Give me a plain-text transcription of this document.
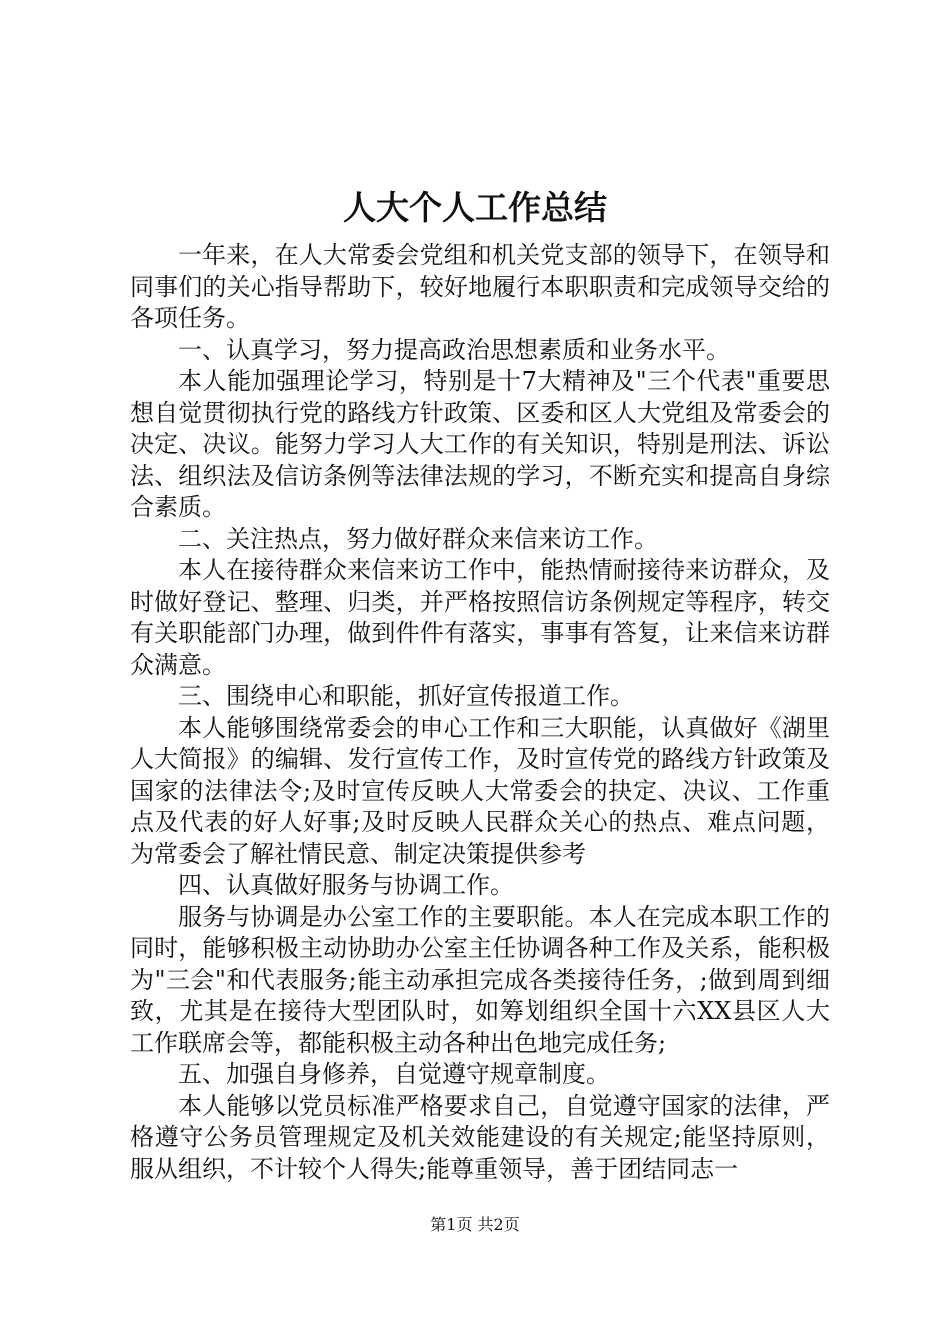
人大个人工作总结

一年来，在人大常委会党组和机关党支部的领导下，在领导和同事们的关心指导帮助下，较好地履行本职职责和完成领导交给的各项任务。

一、认真学习，努力提高政治思想素质和业务水平。

本人能加强理论学习，特别是十7大精神及"三个代表"重要思想自觉贯彻执行党的路线方针政策、区委和区人大党组及常委会的决定、决议。能努力学习人大工作的有关知识，特别是刑法、诉讼法、组织法及信访条例等法律法规的学习，不断充实和提高自身综合素质。

二、关注热点，努力做好群众来信来访工作。

本人在接待群众来信来访工作中，能热情耐接待来访群众，及时做好登记、整理、归类，并严格按照信访条例规定等程序，转交有关职能部门办理，做到件件有落实，事事有答复，让来信来访群众满意。

三、围绕申心和职能，抓好宣传报道工作。

本人能够围绕常委会的申心工作和三大职能，认真做好《湖里人大简报》的编辑、发行宣传工作，及时宣传党的路线方针政策及国家的法律法令;及时宣传反映人大常委会的抉定、决议、工作重点及代表的好人好事;及时反映人民群众关心的热点、难点问题，为常委会了解社情民意、制定决策提供参考

四、认真做好服务与协调工作。

服务与协调是办公室工作的主要职能。本人在完成本职工作的同时，能够积极主动协助办公室主任协调各种工作及关系，能积极为"三会"和代表服务;能主动承担完成各类接待任务，;做到周到细致，尤其是在接待大型团队时，如筹划组织全国十六XX县区人大工作联席会等，都能积极主动各种出色地完成任务;

五、加强自身修养，自觉遵守规章制度。

本人能够以党员标准严格要求自己，自觉遵守国家的法律，严格遵守公务员管理规定及机关效能建设的有关规定;能坚持原则，服从组织，不计较个人得失;能尊重领导，善于团结同志一

第1页 共2页
